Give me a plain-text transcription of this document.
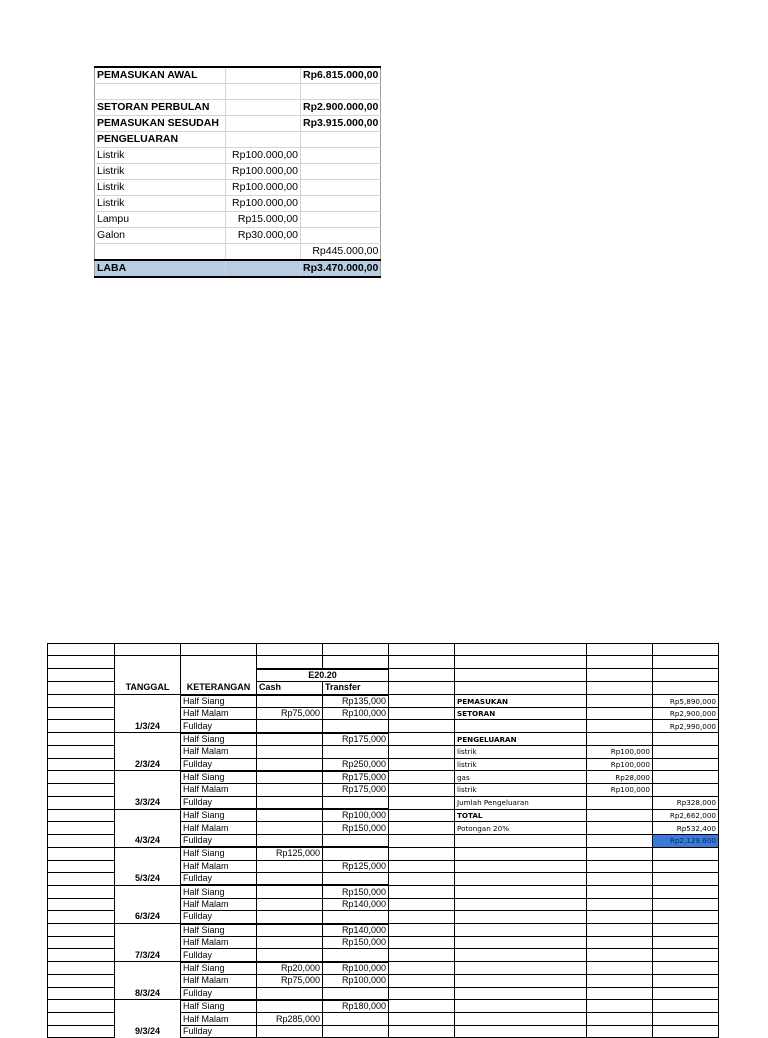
PEMASUKAN AWAL		Rp6.815.000,00

SETORAN PERBULAN		Rp2.900.000,00
PEMASUKAN SESUDAH		Rp3.915.000,00
PENGELUARAN		
Listrik	Rp100.000,00	
Listrik	Rp100.000,00	
Listrik	Rp100.000,00	
Listrik	Rp100.000,00	
Lampu	Rp15.000,00	
Galon	Rp30.000,00	
		Rp445.000,00
LABA		Rp3.470.000,00

			E20.20					
	TANGGAL	KETERANGAN	Cash	Transfer				
		Half Siang		Rp135,000		PEMASUKAN		Rp5,890,000
		Half Malam	Rp75,000	Rp100,000		SETORAN		Rp2,900,000
	1/3/24	Fullday						Rp2,990,000
		Half Siang		Rp175,000		PENGELUARAN		
		Half Malam				listrik	Rp100,000	
	2/3/24	Fullday		Rp250,000		listrik	Rp100,000	
		Half Siang		Rp175,000		gas	Rp28,000	
		Half Malam		Rp175,000		listrik	Rp100,000	
	3/3/24	Fullday				Jumlah Pengeluaran		Rp328,000
		Half Siang		Rp100,000		TOTAL		Rp2,662,000
		Half Malam		Rp150,000		Potongan 20%		Rp532,400
	4/3/24	Fullday						Rp2,129,600
		Half Siang	Rp125,000					
		Half Malam		Rp125,000				
	5/3/24	Fullday						
		Half Siang		Rp150,000				
		Half Malam		Rp140,000				
	6/3/24	Fullday						
		Half Siang		Rp140,000				
		Half Malam		Rp150,000				
	7/3/24	Fullday						
		Half Siang	Rp20,000	Rp100,000				
		Half Malam	Rp75,000	Rp100,000				
	8/3/24	Fullday						
		Half Siang		Rp180,000				
		Half Malam	Rp285,000					
	9/3/24	Fullday						
